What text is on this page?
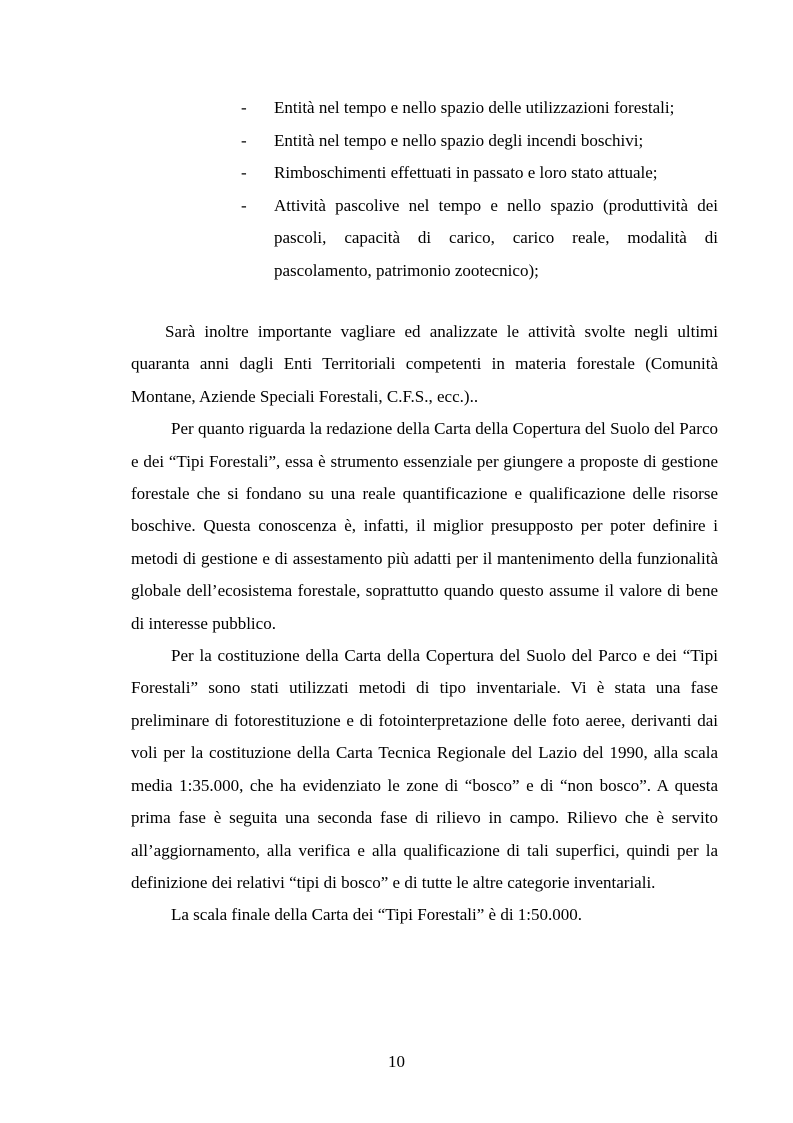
-	Entità nel tempo e nello spazio delle utilizzazioni forestali;
-	Entità nel tempo e nello spazio degli incendi boschivi;
-	Rimboschimenti effettuati in passato e loro stato attuale;
-	Attività pascolive nel tempo e nello spazio (produttività dei pascoli, capacità di carico, carico reale, modalità di pascolamento, patrimonio zootecnico);

Sarà inoltre importante vagliare ed analizzate le attività svolte negli ultimi quaranta anni dagli Enti Territoriali competenti in materia forestale (Comunità Montane, Aziende Speciali Forestali, C.F.S., ecc.)..

Per quanto riguarda la redazione della Carta della Copertura del Suolo del Parco e dei “Tipi Forestali”, essa è strumento essenziale per giungere a proposte di gestione forestale che si fondano su una reale quantificazione e qualificazione delle risorse boschive. Questa conoscenza è, infatti, il miglior presupposto per poter definire i metodi di gestione e di assestamento più adatti per il mantenimento della funzionalità globale dell’ecosistema forestale, soprattutto quando questo assume il valore di bene di interesse pubblico.

Per la costituzione della Carta della Copertura del Suolo del Parco e dei “Tipi Forestali” sono stati utilizzati metodi di tipo inventariale. Vi è stata una fase preliminare di fotorestituzione e di fotointerpretazione delle foto aeree, derivanti dai voli per la costituzione della Carta Tecnica Regionale del Lazio del 1990, alla scala media 1:35.000, che ha evidenziato le zone di “bosco” e di “non bosco”. A questa prima fase è seguita una seconda fase di rilievo in campo. Rilievo che è servito all’aggiornamento, alla verifica e alla qualificazione di tali superfici, quindi per la definizione dei relativi “tipi di bosco” e di tutte le altre categorie inventariali.

La scala finale della Carta dei “Tipi Forestali” è di 1:50.000.

10
